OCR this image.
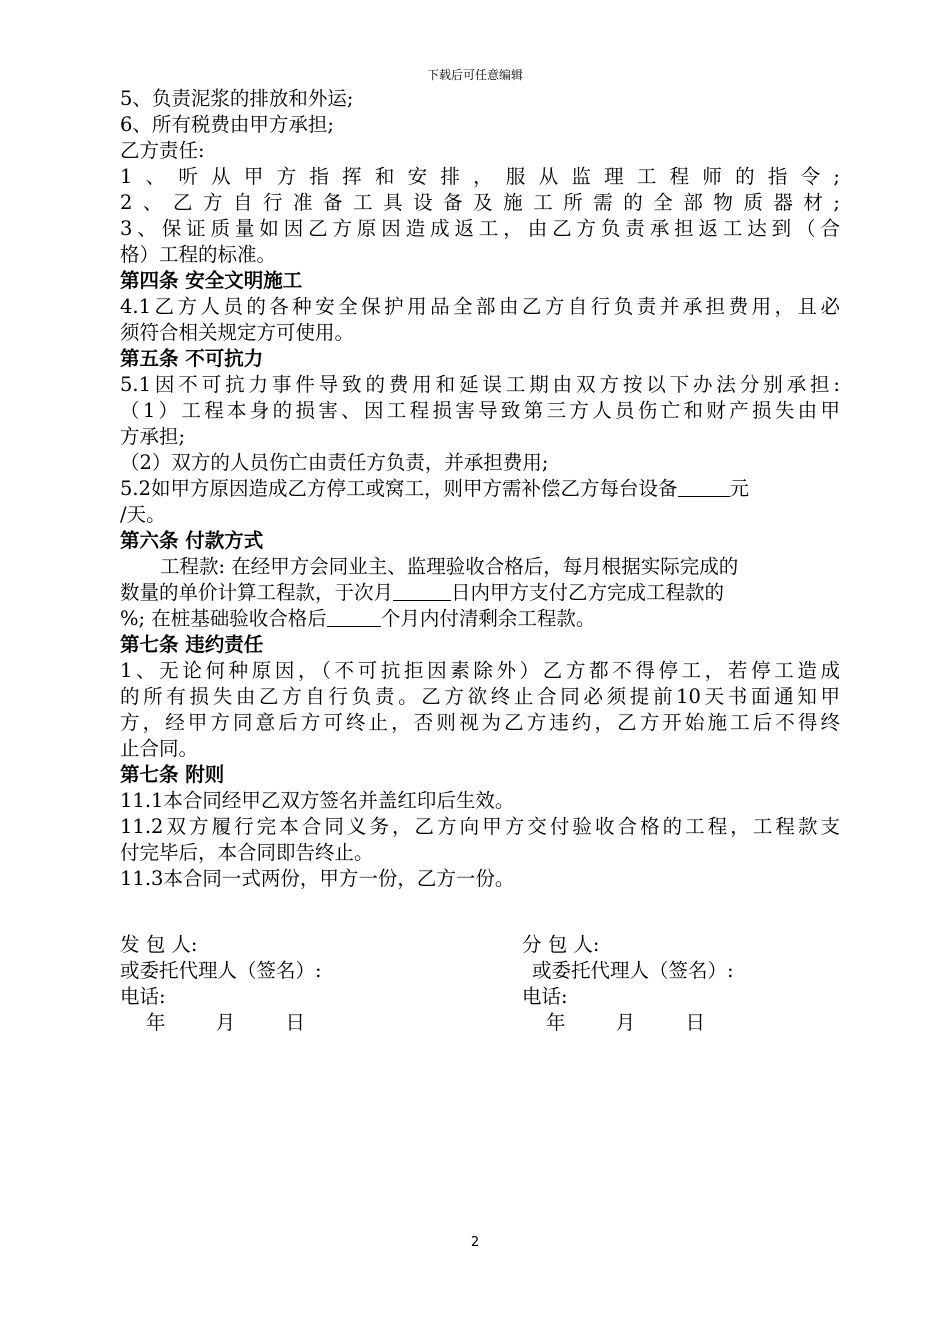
下载后可任意编辑
5、负责泥浆的排放和外运;
6、所有税费由甲方承担;
乙方责任:
1、听从甲方指挥和安排，服从监理工程师的指令;
2、乙方自行准备工具设备及施工所需的全部物质器材;
3、保证质量如因乙方原因造成返工，由乙方负责承担返工达到（合
格）工程的标准。
第四条 安全文明施工
4.1乙方人员的各种安全保护用品全部由乙方自行负责并承担费用，且必
须符合相关规定方可使用。
第五条 不可抗力
5.1因不可抗力事件导致的费用和延误工期由双方按以下办法分别承担:
（1）工程本身的损害、因工程损害导致第三方人员伤亡和财产损失由甲
方承担;
（2）双方的人员伤亡由责任方负责，并承担费用;
5.2如甲方原因造成乙方停工或窝工，则甲方需补偿乙方每台设备	元
/天。
第六条 付款方式
工程款: 在经甲方会同业主、监理验收合格后，每月根据实际完成的
数量的单价计算工程款，于次月	日内甲方支付乙方完成工程款的
%; 在桩基础验收合格后	个月内付清剩余工程款。
第七条 违约责任
1、无论何种原因，（不可抗拒因素除外）乙方都不得停工，若停工造成
的所有损失由乙方自行负责。乙方欲终止合同必须提前10天书面通知甲
方，经甲方同意后方可终止，否则视为乙方违约，乙方开始施工后不得终
止合同。
第七条 附则
11.1本合同经甲乙双方签名并盖红印后生效。
11.2双方履行完本合同义务，乙方向甲方交付验收合格的工程，工程款支
付完毕后，本合同即告终止。
11.3本合同一式两份，甲方一份，乙方一份。
发 包 人:
或委托代理人（签名）:
电话:
年	月	日
分 包 人:
或委托代理人（签名）:
电话:
年	月	日
2
